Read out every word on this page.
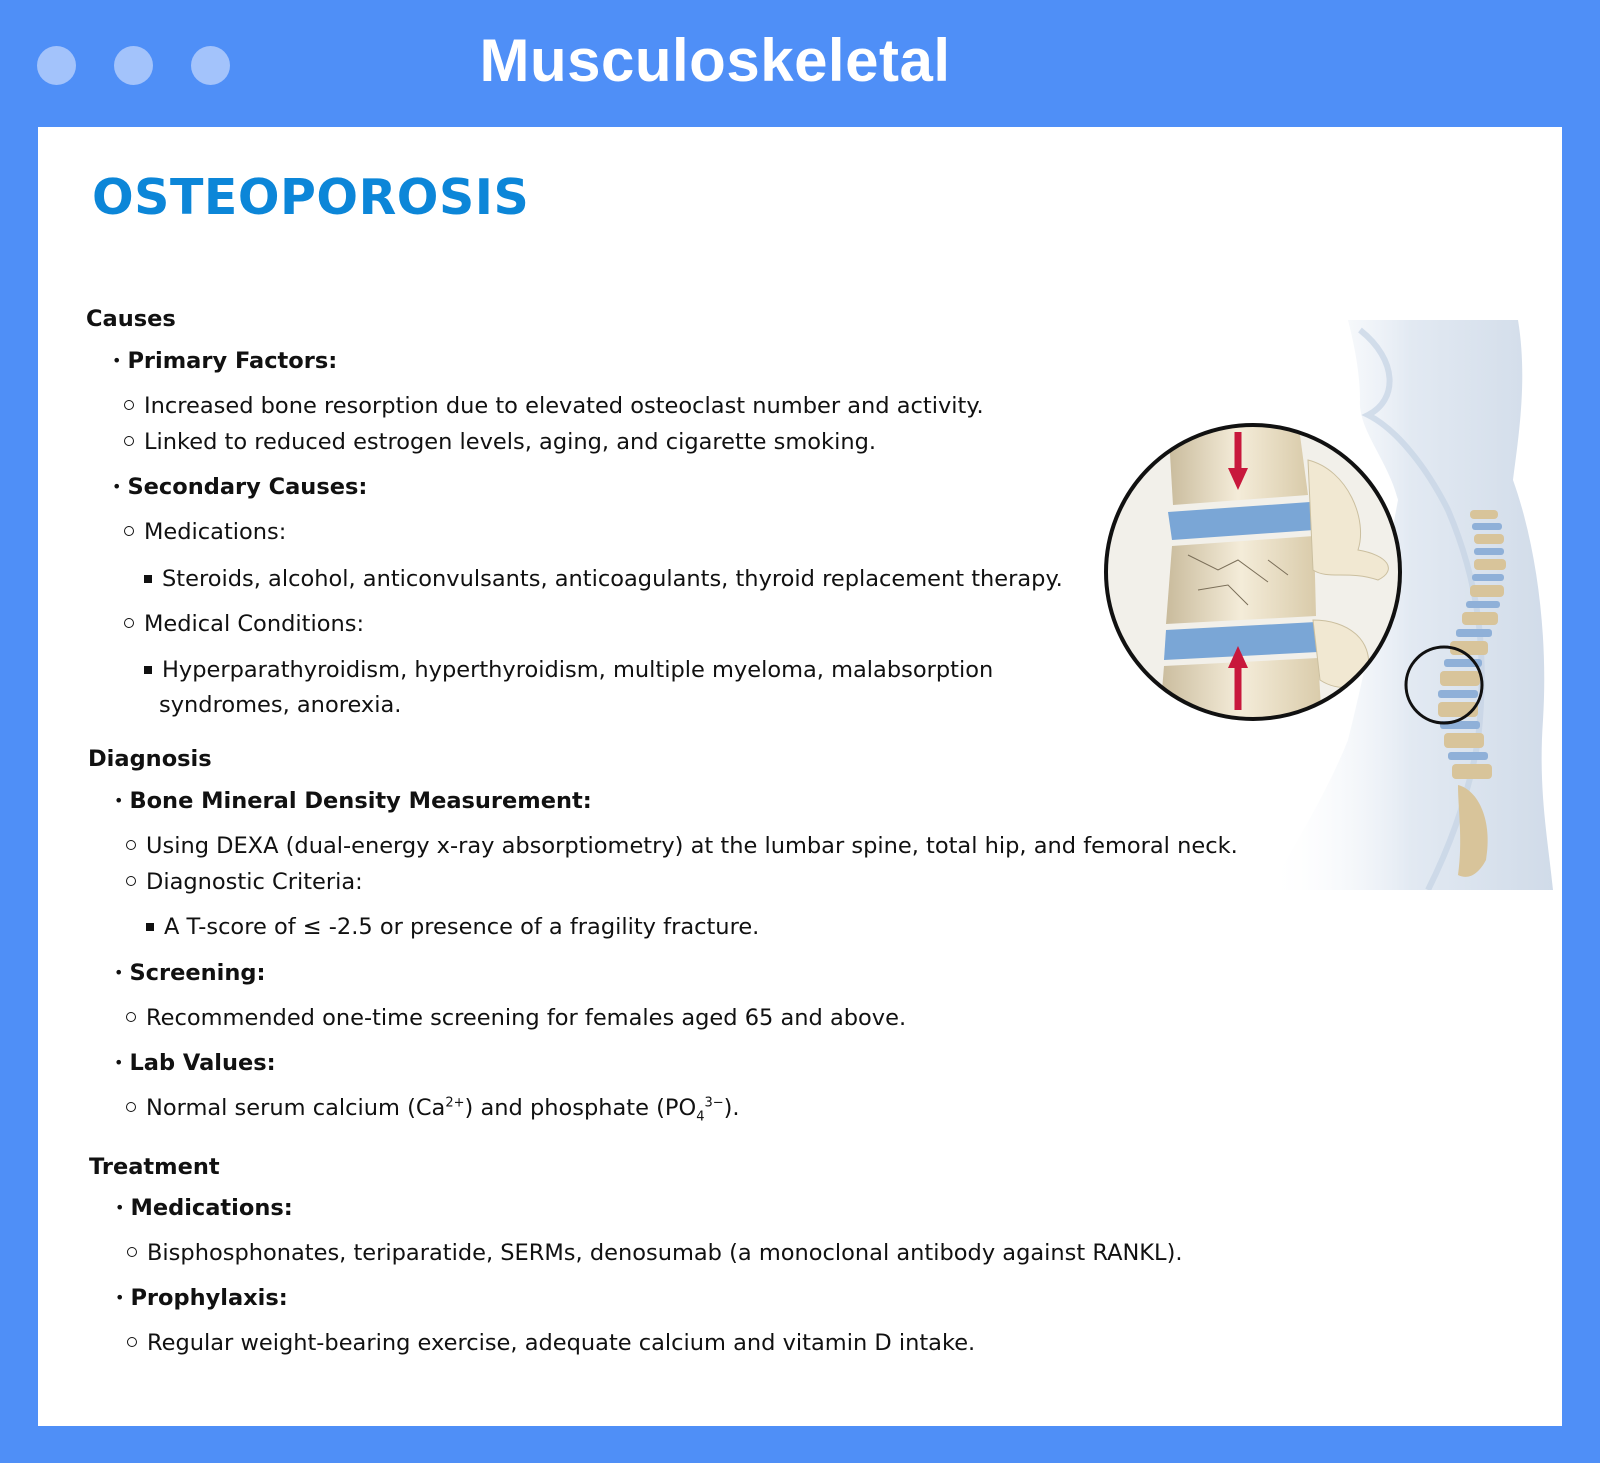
Musculoskeletal
OSTEOPOROSIS
Causes
• Primary Factors:
Increased bone resorption due to elevated osteoclast number and activity.
Linked to reduced estrogen levels, aging, and cigarette smoking.
• Secondary Causes:
Medications:
Steroids, alcohol, anticonvulsants, anticoagulants, thyroid replacement therapy.
Medical Conditions:
Hyperparathyroidism, hyperthyroidism, multiple myeloma, malabsorption
syndromes, anorexia.
Diagnosis
• Bone Mineral Density Measurement:
Using DEXA (dual-energy x-ray absorptiometry) at the lumbar spine, total hip, and femoral neck.
Diagnostic Criteria:
A T-score of ≤ -2.5 or presence of a fragility fracture.
• Screening:
Recommended one-time screening for females aged 65 and above.
• Lab Values:
Normal serum calcium $(Ca^{2+})$ and phosphate $(PO_4^{3-})$.
Treatment
• Medications:
Bisphosphonates, teriparatide, SERMs, denosumab (a monoclonal antibody against RANKL).
• Prophylaxis:
Regular weight-bearing exercise, adequate calcium and vitamin D intake.
